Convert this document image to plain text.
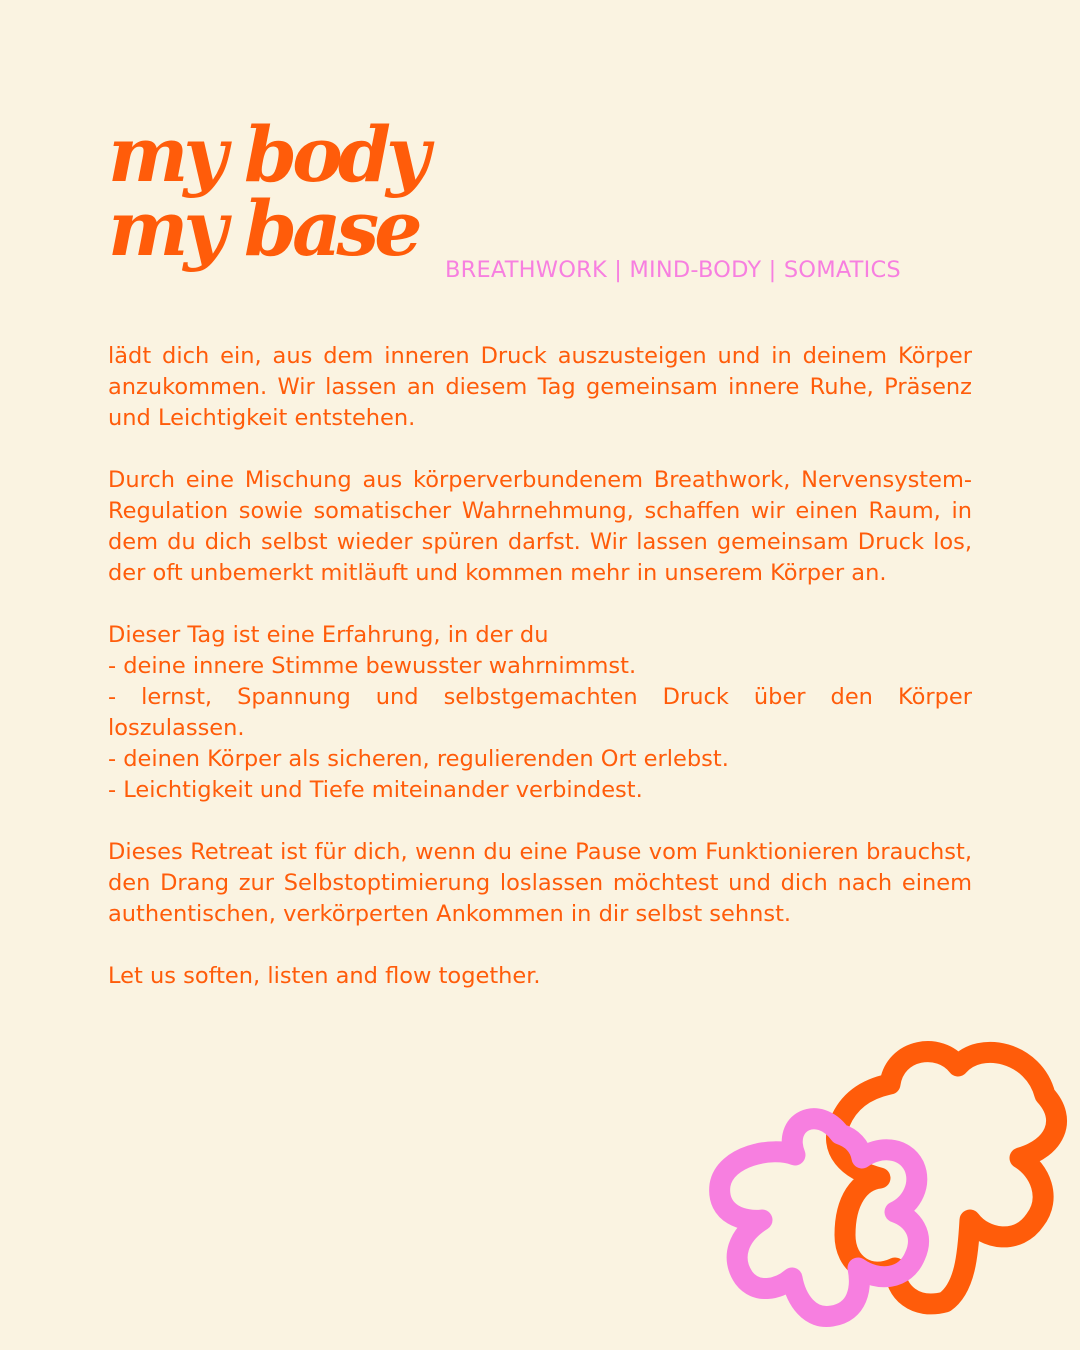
my body
my base	BREATHWORK | MIND-BODY | SOMATICS

lädt dich ein, aus dem inneren Druck auszusteigen und in deinem Körper anzukommen. Wir lassen an diesem Tag gemeinsam innere Ruhe, Präsenz und Leichtigkeit entstehen.

Durch eine Mischung aus körperverbundenem Breathwork, Nervensystem-Regulation sowie somatischer Wahrnehmung, schaffen wir einen Raum, in dem du dich selbst wieder spüren darfst. Wir lassen gemeinsam Druck los, der oft unbemerkt mitläuft und kommen mehr in unserem Körper an.

Dieser Tag ist eine Erfahrung, in der du

- deine innere Stimme bewusster wahrnimmst.
- lernst, Spannung und selbstgemachten Druck über den Körper loszulassen.
- deinen Körper als sicheren, regulierenden Ort erlebst.
- Leichtigkeit und Tiefe miteinander verbindest.

Dieses Retreat ist für dich, wenn du eine Pause vom Funktionieren brauchst, den Drang zur Selbstoptimierung loslassen möchtest und dich nach einem authentischen, verkörperten Ankommen in dir selbst sehnst.

Let us soften, listen and flow together.
